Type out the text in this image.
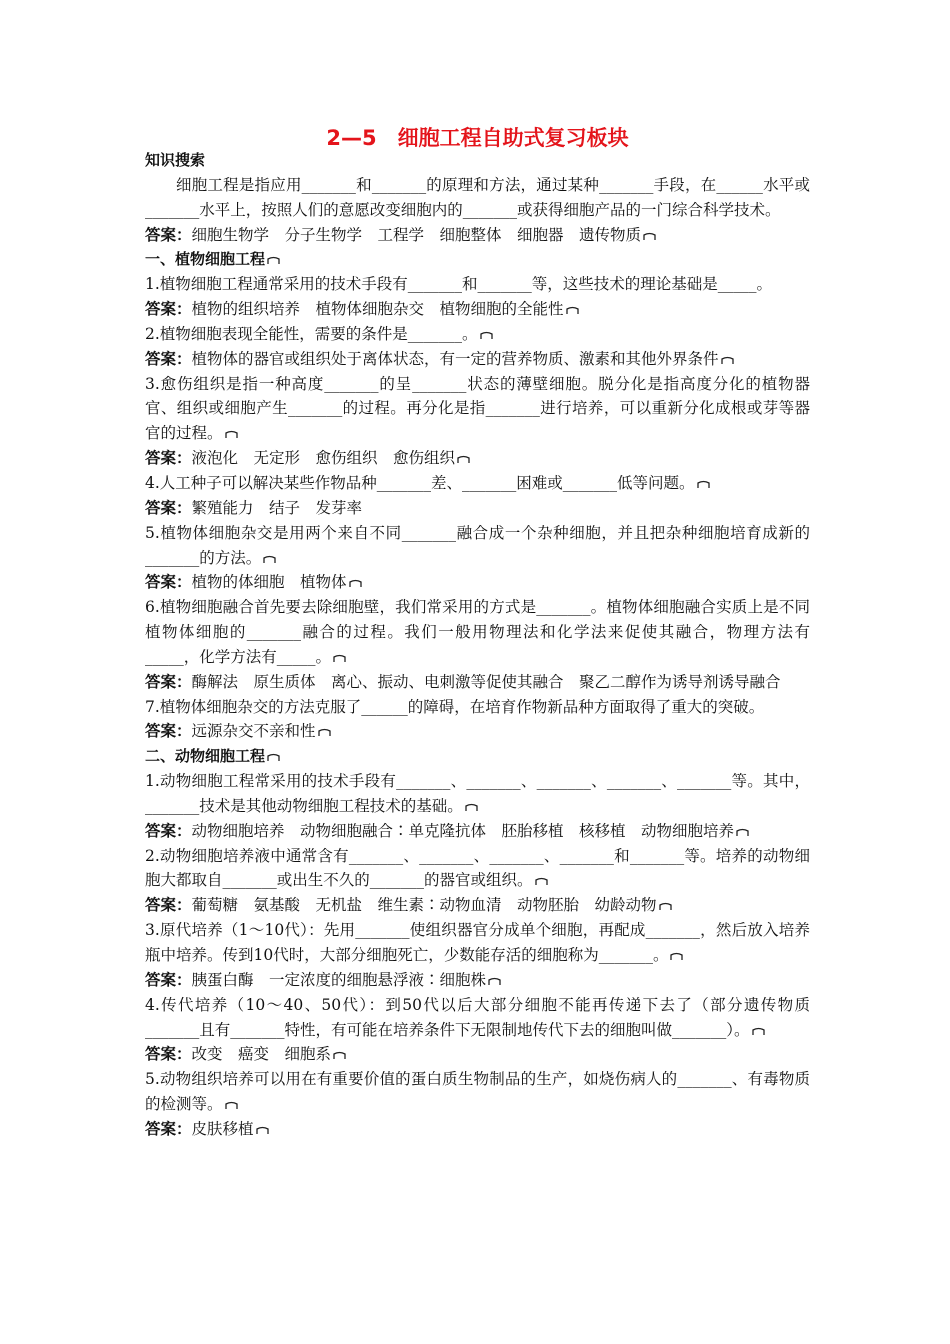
2—5　细胞工程自助式复习板块

知识搜索

细胞工程是指应用_______和_______的原理和方法，通过某种_______手段，在______水平或_______水平上，按照人们的意愿改变细胞内的_______或获得细胞产品的一门综合科学技术。

答案：细胞生物学　分子生物学　工程学　细胞整体　细胞器　遗传物质

一、植物细胞工程

1.植物细胞工程通常采用的技术手段有_______和_______等，这些技术的理论基础是_____。

答案：植物的组织培养　植物体细胞杂交　植物细胞的全能性

2.植物细胞表现全能性，需要的条件是_______。

答案：植物体的器官或组织处于离体状态，有一定的营养物质、激素和其他外界条件

3.愈伤组织是指一种高度_______的呈_______状态的薄壁细胞。脱分化是指高度分化的植物器官、组织或细胞产生_______的过程。再分化是指_______进行培养，可以重新分化成根或芽等器官的过程。

答案：液泡化　无定形　愈伤组织　愈伤组织

4.人工种子可以解决某些作物品种_______差、_______困难或_______低等问题。

答案：繁殖能力　结子　发芽率

5.植物体细胞杂交是用两个来自不同_______融合成一个杂种细胞，并且把杂种细胞培育成新的_______的方法。

答案：植物的体细胞　植物体

6.植物细胞融合首先要去除细胞壁，我们常采用的方式是_______。植物体细胞融合实质上是不同植物体细胞的_______融合的过程。我们一般用物理法和化学法来促使其融合，物理方法有_____，化学方法有_____。

答案：酶解法　原生质体　离心、振动、电刺激等促使其融合　聚乙二醇作为诱导剂诱导融合

7.植物体细胞杂交的方法克服了______的障碍，在培育作物新品种方面取得了重大的突破。

答案：远源杂交不亲和性

二、动物细胞工程

1.动物细胞工程常采用的技术手段有_______、_______、_______、_______、_______等。其中，_______技术是其他动物细胞工程技术的基础。

答案：动物细胞培养　动物细胞融合∶单克隆抗体　胚胎移植　核移植　动物细胞培养

2.动物细胞培养液中通常含有_______、_______、_______、_______和_______等。培养的动物细胞大都取自_______或出生不久的_______的器官或组织。

答案：葡萄糖　氨基酸　无机盐　维生素∶动物血清　动物胚胎　幼龄动物

3.原代培养（1～10代）：先用_______使组织器官分成单个细胞，再配成_______，然后放入培养瓶中培养。传到10代时，大部分细胞死亡，少数能存活的细胞称为_______。

答案：胰蛋白酶　一定浓度的细胞悬浮液∶细胞株

4.传代培养（10～40、50代）：到50代以后大部分细胞不能再传递下去了（部分遗传物质_______且有_______特性，有可能在培养条件下无限制地传代下去的细胞叫做_______）。

答案：改变　癌变　细胞系

5.动物组织培养可以用在有重要价值的蛋白质生物制品的生产，如烧伤病人的_______、有毒物质的检测等。

答案：皮肤移植
